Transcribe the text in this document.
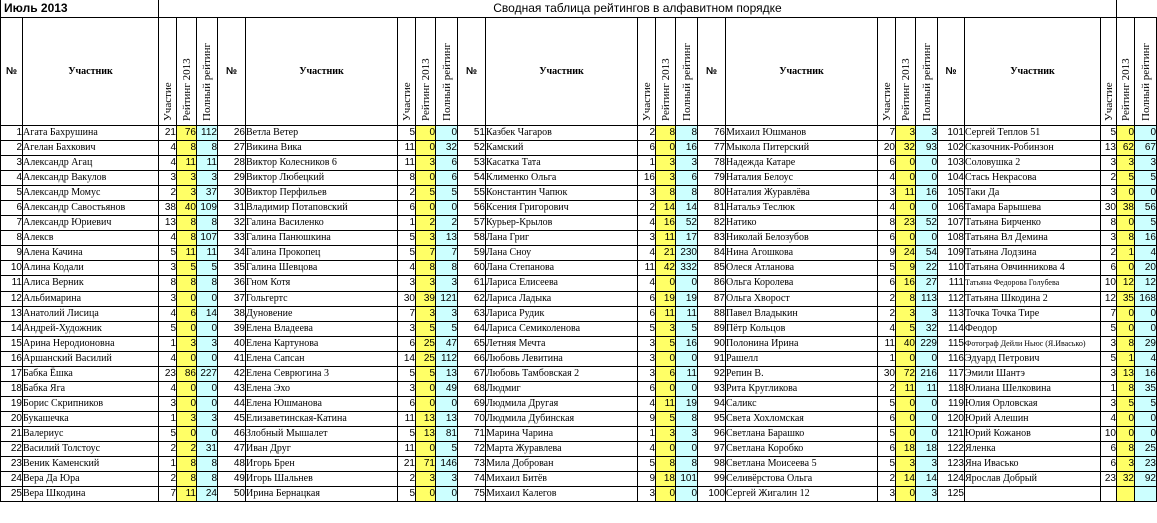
Июль 2013	Сводная таблица рейтингов в алфавитном порядке
№	Участник	Участие	Рейтинг 2013	Полный рейтинг	№	Участник	Участие	Рейтинг 2013	Полный рейтинг	№	Участник	Участие	Рейтинг 2013	Полный рейтинг	№	Участник	Участие	Рейтинг 2013	Полный рейтинг	№	Участник	Участие	Рейтинг 2013	Полный рейтинг

1	Агата Бахрушина	21	76	112	26	Ветла Ветер	5	0	0	51	Казбек Чагаров	2	8	8	76	Михаил Юшманов	7	3	3	101	Сергей Теплов 51	5	0	0
2	Агелан Бахкович	4	8	8	27	Викина Вика	11	0	32	52	Камский	6	0	16	77	Мыкола Питерский	20	32	93	102	Сказочник-Робинзон	13	62	67
3	Александр Агац	4	11	11	28	Виктор Колесников 6	11	3	6	53	Касатка Тата	1	3	3	78	Надежда Катаре	6	0	0	103	Соловушка 2	3	3	3
4	Александр Вакулов	3	3	3	29	Виктор Любецкий	8	0	6	54	Клименко Ольга	16	3	6	79	Наталия Белоус	4	0	0	104	Стась Некрасова	2	5	5
5	Александр Момус	2	3	37	30	Виктор Перфильев	2	5	5	55	Константин Чапюк	3	8	8	80	Наталия Журавлёва	3	11	16	105	Таки Да	3	0	0
6	Александр Савостьянов	38	40	109	31	Владимир Потаповский	6	0	0	56	Ксения Григорович	2	14	14	81	Натальэ Теслюк	4	0	0	106	Тамара Барышева	30	38	56
7	Александр Юриевич	13	8	8	32	Галина Василенко	1	2	2	57	Курьер-Крылов	4	16	52	82	Натико	8	23	52	107	Татьяна Бирченко	8	0	5
8	Алексв	4	8	107	33	Галина Панюшкина	5	3	13	58	Лана Григ	3	11	17	83	Николай Белозубов	6	0	0	108	Татьяна Вл Демина	3	8	16
9	Алена Качина	5	11	11	34	Галина Прокопец	5	7	7	59	Лана Сноу	4	21	230	84	Нина Агошкова	9	24	54	109	Татьяна Лодзина	2	1	4
10	Алина Кодали	3	5	5	35	Галина Шевцова	4	8	8	60	Лана Степанова	11	42	332	85	Олеся Атланова	5	9	22	110	Татьяна Овчинникова 4	6	0	20
11	Алиса Верник	8	8	8	36	Гном Котя	3	3	3	61	Лариса Елисеева	4	0	0	86	Ольга Королева	6	16	27	111	Татьяна Федорова Голубева	10	12	12
12	Альбимарина	3	0	0	37	Гольгертс	30	39	121	62	Лариса Ладыка	6	19	19	87	Ольга Хворост	2	8	113	112	Татьяна Шкодина 2	12	35	168
13	Анатолий Лисица	4	6	14	38	Дуновение	7	3	3	63	Лариса Рудик	6	11	11	88	Павел Владыкин	2	3	3	113	Точка Точка Тире	7	0	0
14	Андрей-Художник	5	0	0	39	Елена Владеева	3	5	5	64	Лариса Семиколенова	5	3	5	89	Пётр Кольцов	4	5	32	114	Феодор	5	0	0
15	Арина Неродионовна	1	3	3	40	Елена Картунова	6	25	47	65	Летняя Мечта	3	5	16	90	Полонина Ирина	11	40	229	115	Фотограф Дейли Ньюс (Я.Ивасько)	3	8	29
16	Аршанский Василий	4	0	0	41	Елена Сапсан	14	25	112	66	Любовь Левитина	3	0	0	91	Рашелл	1	0	0	116	Эдуард Петрович	5	1	4
17	Бабка Ёшка	23	86	227	42	Елена Севрюгина 3	5	5	13	67	Любовь Тамбовская 2	3	6	11	92	Репин В.	30	72	216	117	Эмили Шантэ	3	13	16
18	Бабка Яга	4	0	0	43	Елена Эхо	3	0	49	68	Людмиг	6	0	0	93	Рита Кругликова	2	11	11	118	Юлиана Шелковина	1	8	35
19	Борис Скрипников	3	0	0	44	Елена Юшманова	6	0	0	69	Людмила Другая	4	11	19	94	Саликс	5	0	0	119	Юлия Орловская	3	5	5
20	Букашечка	1	3	3	45	Елизаветинская-Катина	11	13	13	70	Людмила Дубинская	9	5	8	95	Света Хохломская	6	0	0	120	Юрий Алешин	4	0	0
21	Валериус	5	0	0	46	Злобный Мышалет	5	13	81	71	Марина Чарина	1	3	3	96	Светлана Барашко	5	0	0	121	Юрий Кожанов	10	0	0
22	Василий Толстоус	2	2	31	47	Иван Друг	11	0	5	72	Марта Журавлева	4	0	0	97	Светлана Коробко	6	18	18	122	Яленка	6	8	25
23	Веник Каменский	1	8	8	48	Игорь Брен	21	71	146	73	Мила Доброван	5	8	8	98	Светлана Моисеева 5	5	3	3	123	Яна Ивасько	6	3	23
24	Вера Да Юра	2	8	8	49	Игорь Шальнев	2	3	3	74	Михаил Битёв	9	18	101	99	Селивёрстова Ольга	2	14	14	124	Ярослав Добрый	23	32	92
25	Вера Шкодина	7	11	24	50	Ирина Бернацкая	5	0	0	75	Михаил Калегов	3	0	0	100	Сергей Жигалин 12	3	0	3	125				
